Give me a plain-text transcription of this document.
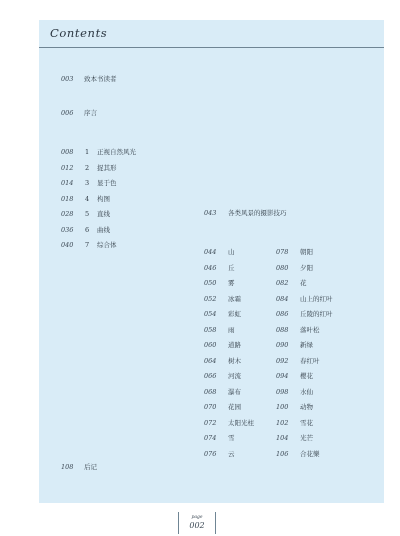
Contents
003 致本书读者
006 序言
008 1 正视自然风光
012 2 捉其形
014 3 显于色
018 4 构图
028 5 直线
036 6 曲线
040 7 综合体
043 各类风景的摄影技巧
044 山
046 丘
050 雾
052 冰霜
054 彩虹
058 雨
060 道路
064 树木
066 河流
068 瀑布
070 花园
072 太阳光柱
074 雪
076 云
078 朝阳
080 夕阳
082 花
084 山上的红叶
086 丘陵的红叶
088 落叶松
090 新绿
092 春红叶
094 樱花
098 水仙
100 动物
102 雪花
104 光芒
106 合花樂
108 后记
page
002
